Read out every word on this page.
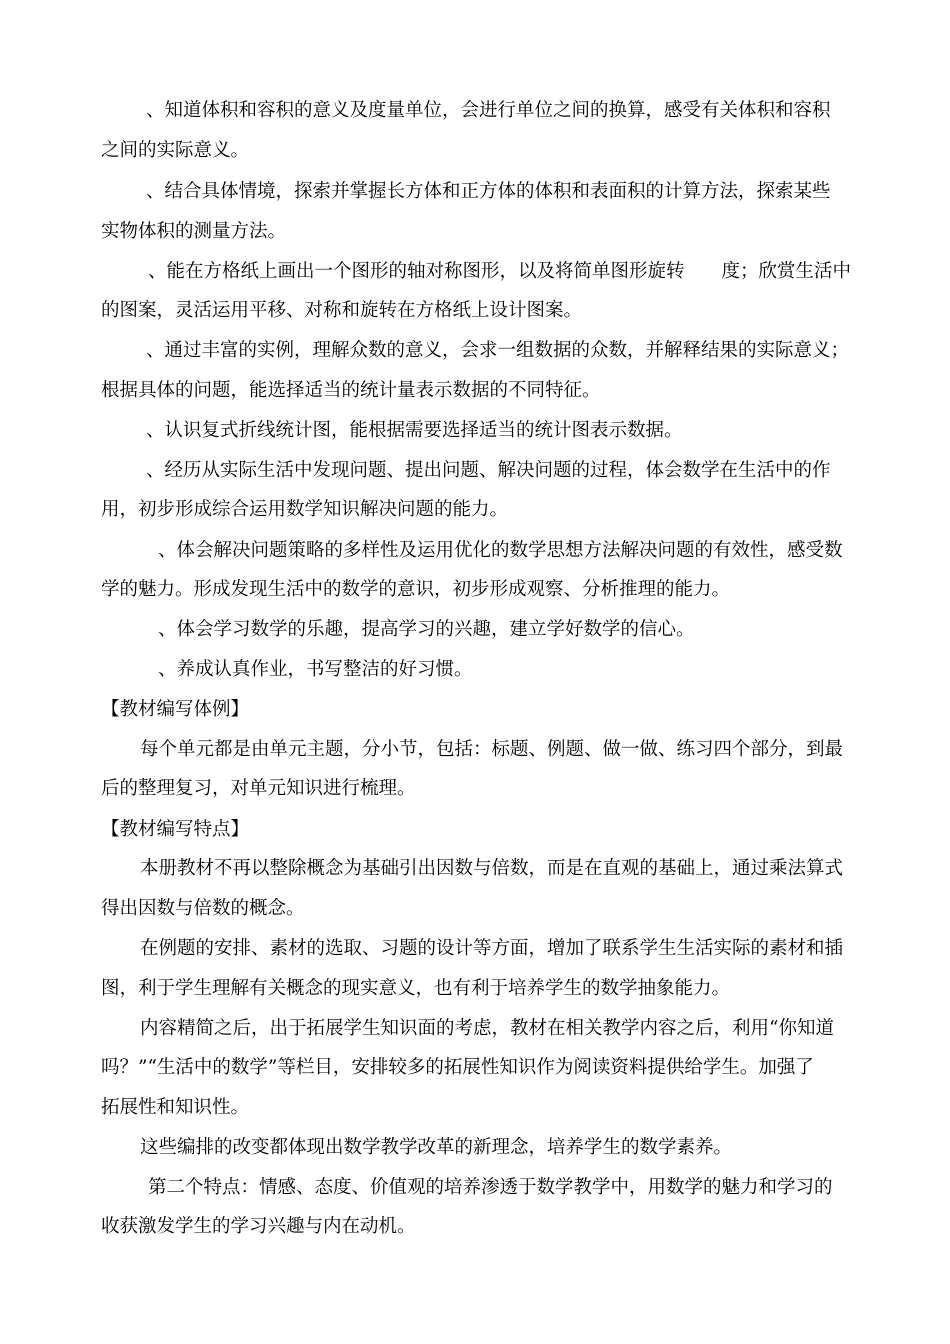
、知道体积和容积的意义及度量单位，会进行单位之间的换算，感受有关体积和容积
之间的实际意义。
、结合具体情境，探索并掌握长方体和正方体的体积和表面积的计算方法，探索某些
实物体积的测量方法。
、能在方格纸上画出一个图形的轴对称图形，以及将简单图形旋转　　度；欣赏生活中
的图案，灵活运用平移、对称和旋转在方格纸上设计图案。
、通过丰富的实例，理解众数的意义，会求一组数据的众数，并解释结果的实际意义；
根据具体的问题，能选择适当的统计量表示数据的不同特征。
、认识复式折线统计图，能根据需要选择适当的统计图表示数据。
、经历从实际生活中发现问题、提出问题、解决问题的过程，体会数学在生活中的作
用，初步形成综合运用数学知识解决问题的能力。
、体会解决问题策略的多样性及运用优化的数学思想方法解决问题的有效性，感受数
学的魅力。形成发现生活中的数学的意识，初步形成观察、分析推理的能力。
、体会学习数学的乐趣，提高学习的兴趣，建立学好数学的信心。
、养成认真作业，书写整洁的好习惯。
【教材编写体例】
每个单元都是由单元主题，分小节，包括：标题、例题、做一做、练习四个部分，到最
后的整理复习，对单元知识进行梳理。
【教材编写特点】
本册教材不再以整除概念为基础引出因数与倍数，而是在直观的基础上，通过乘法算式
得出因数与倍数的概念。
在例题的安排、素材的选取、习题的设计等方面，增加了联系学生生活实际的素材和插
图，利于学生理解有关概念的现实意义，也有利于培养学生的数学抽象能力。
内容精简之后，出于拓展学生知识面的考虑，教材在相关教学内容之后，利用“你知道
吗？”“生活中的数学”等栏目，安排较多的拓展性知识作为阅读资料提供给学生。加强了
拓展性和知识性。
这些编排的改变都体现出数学教学改革的新理念，培养学生的数学素养。
第二个特点：情感、态度、价值观的培养渗透于数学教学中，用数学的魅力和学习的
收获激发学生的学习兴趣与内在动机。
